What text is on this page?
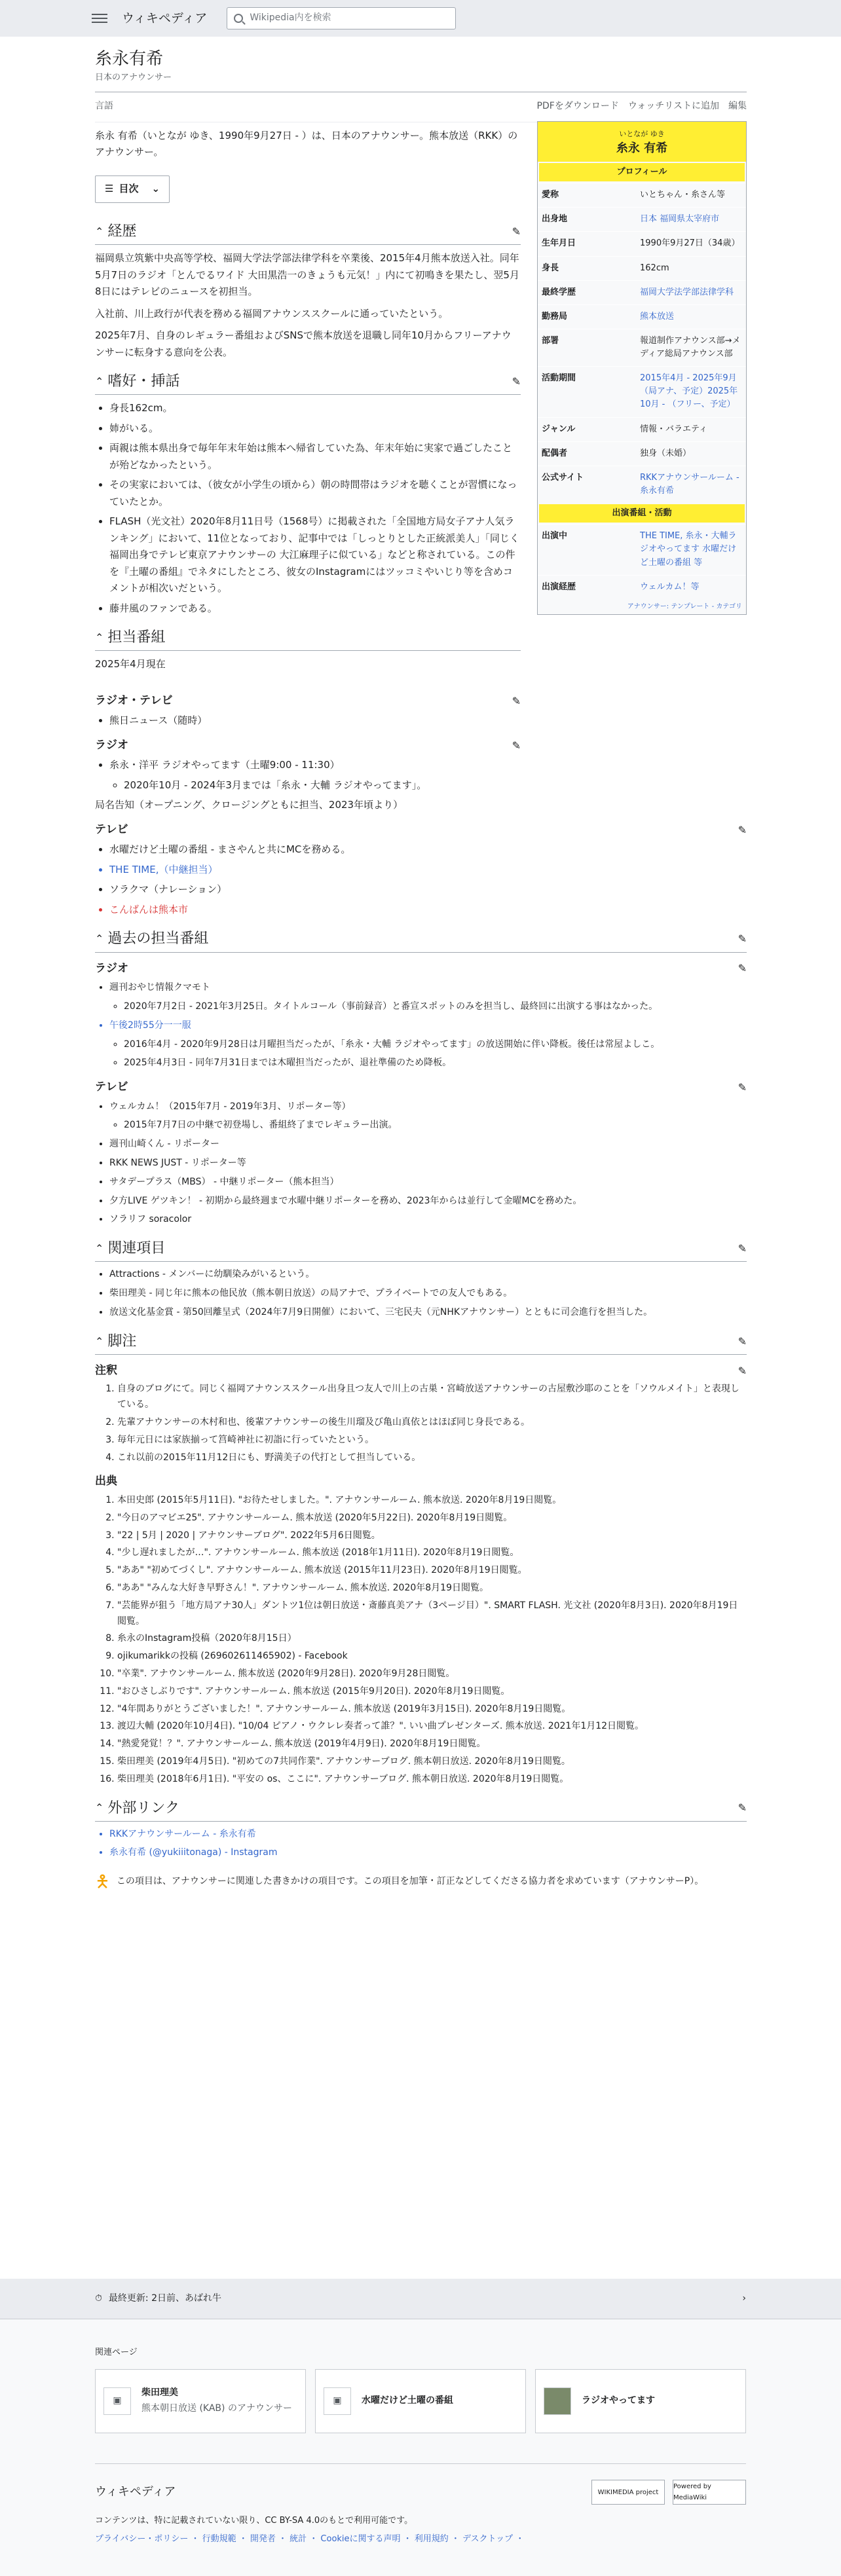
ウィキペディア	Wikipedia内を検索
糸永有希
日本のアナウンサー
言語	PDFをダウンロード ウォッチリストに追加 編集

糸永 有希（いとなが ゆき、1990年9月27日 - ）は、日本のアナウンサー。熊本放送（RKK）のアナウンサー。

☰ 目次 ⌄
⌃ 経歴	✎

福岡県立筑紫中央高等学校、福岡大学法学部法律学科を卒業後、2015年4月熊本放送入社。同年5月7日のラジオ「とんでるワイド 大田黒浩一のきょうも元気！」内にて初鳴きを果たし、翌5月8日にはテレビのニュースを初担当。

入社前、川上政行が代表を務める福岡アナウンススクールに通っていたという。

2025年7月、自身のレギュラー番組およびSNSで熊本放送を退職し同年10月からフリーアナウンサーに転身する意向を公表。

⌃ 嗜好・挿話	✎
• 身長162cm。
• 姉がいる。
• 両親は熊本県出身で毎年年末年始は熊本へ帰省していた為、年末年始に実家で過ごしたことが殆どなかったという。
• その実家においては、（彼女が小学生の頃から）朝の時間帯はラジオを聴くことが習慣になっていたとか。
• FLASH（光文社）2020年8月11日号（1568号）に掲載された「全国地方局女子アナ人気ランキング」において、11位となっており、記事中では「しっとりとした正統派美人」「同じく福岡出身でテレビ東京アナウンサーの 大江麻理子に似ている」などと称されている。この件を『土曜の番組』でネタにしたところ、彼女のInstagramにはツッコミやいじり等を含めコメントが相次いだという。
• 藤井風のファンである。
⌃ 担当番組

2025年4月現在

ラジオ・テレビ	✎
• 熊日ニュース（随時）
ラジオ	✎
• 糸永・洋平 ラジオやってます（土曜9:00 - 11:30）
◦ 2020年10月 - 2024年3月までは「糸永・大輔 ラジオやってます」。
局名告知（オープニング、クロージングともに担当、2023年頃より）
テレビ	✎
• 水曜だけど土曜の番組 - まさやんと共にMCを務める。
• THE TIME,（中継担当）
• ソラクマ（ナレーション）
• こんばんは熊本市
⌃ 過去の担当番組	✎
ラジオ	✎
• 週刊おやじ情報クマモト
◦ 2020年7月2日 - 2021年3月25日。タイトルコール（事前録音）と番宣スポットのみを担当し、最終回に出演する事はなかった。
• 午後2時55分一一服
◦ 2016年4月 - 2020年9月28日は月曜担当だったが、「糸永・大輔 ラジオやってます」の放送開始に伴い降板。後任は常屋よしこ。
◦ 2025年4月3日 - 同年7月31日までは木曜担当だったが、退社準備のため降板。
テレビ	✎
• ウェルカム！（2015年7月 - 2019年3月、リポーター等）
◦ 2015年7月7日の中継で初登場し、番組終了までレギュラー出演。
• 週刊山崎くん - リポーター
• RKK NEWS JUST - リポーター等
• サタデープラス（MBS） - 中継リポーター（熊本担当）
• 夕方LIVE ゲツキン！ - 初期から最終週まで水曜中継リポーターを務め、2023年からは並行して金曜MCを務めた。
• ソラリフ soracolor
⌃ 関連項目	✎
• Attractions - メンバーに幼馴染みがいるという。
• 柴田理美 - 同じ年に熊本の他民放（熊本朝日放送）の局アナで、プライベートでの友人でもある。
• 放送文化基金賞 - 第50回離呈式（2024年7月9日開催）において、三宅民夫（元NHKアナウンサー）とともに司会進行を担当した。
⌃ 脚注	✎
注釈	✎
1. 自身のブログにて。同じく福岡アナウンススクール出身且つ友人で川上の古巣・宮崎放送アナウンサーの古屋敷沙耶のことを「ソウルメイト」と表現している。
2. 先輩アナウンサーの木村和也、後輩アナウンサーの後生川瑠及び亀山真依とはほぼ同じ身長である。
3. 毎年元日には家族揃って筥崎神社に初詣に行っていたという。
4. これ以前の2015年11月12日にも、野満美子の代打として担当している。
出典
1. 本田史郎 (2015年5月11日). "お待たせしました。". アナウンサールーム. 熊本放送. 2020年8月19日閲覧。
2. "今日のアマビエ25". アナウンサールーム. 熊本放送 (2020年5月22日). 2020年8月19日閲覧。
3. "22 | 5月 | 2020 | アナウンサーブログ". 2022年5月6日閲覧。
4. "少し遅れましたが…". アナウンサールーム. 熊本放送 (2018年1月11日). 2020年8月19日閲覧。
5. "ああ" "初めてづくし". アナウンサールーム. 熊本放送 (2015年11月23日). 2020年8月19日閲覧。
6. "ああ" "みんな大好き早野さん！". アナウンサールーム. 熊本放送. 2020年8月19日閲覧。
7. "芸能界が狙う「地方局アナ30人」ダントツ1位は朝日放送・斎藤真美アナ（3ページ目）". SMART FLASH. 光文社 (2020年8月3日). 2020年8月19日閲覧。
8. 糸永のInstagram投稿（2020年8月15日）
9. ojikumarikkの投稿 (269602611465902) - Facebook
10. "卒業". アナウンサールーム. 熊本放送 (2020年9月28日). 2020年9月28日閲覧。
11. "おひさしぶりです". アナウンサールーム. 熊本放送 (2015年9月20日). 2020年8月19日閲覧。
12. "4年間ありがとうございました！". アナウンサールーム. 熊本放送 (2019年3月15日). 2020年8月19日閲覧。
13. 渡辺大輔 (2020年10月4日). "10/04 ピアノ・ウクレレ奏者って誰？". いい曲プレゼンターズ. 熊本放送. 2021年1月12日閲覧。
14. "熱愛発覚！？". アナウンサールーム. 熊本放送 (2019年4月9日). 2020年8月19日閲覧。
15. 柴田理美 (2019年4月5日). "初めての7共同作業". アナウンサーブログ. 熊本朝日放送. 2020年8月19日閲覧。
16. 柴田理美 (2018年6月1日). "平安の os、ここに". アナウンサーブログ. 熊本朝日放送. 2020年8月19日閲覧。
⌃ 外部リンク	✎
• RKKアナウンサールーム - 糸永有希
• 糸永有希 (@yukiiitonaga) - Instagram
🯅 この項目は、アナウンサーに関連した書きかけの項目です。この項目を加筆・訂正などしてくださる協力者を求めています（アナウンサーP）。
いとなが ゆき
糸永 有希
プロフィール
愛称	いとちゃん・糸さん等
出身地	日本 福岡県太宰府市
生年月日	1990年9月27日（34歳）
身長	162cm
最終学歴	福岡大学法学部法律学科
勤務局	熊本放送
部署	報道制作アナウンス部→メディア総局アナウンス部
活動期間	2015年4月 - 2025年9月（局アナ、予定）2025年10月 - （フリー、予定）
ジャンル	情報・バラエティ
配偶者	独身（未婚）
公式サイト	RKKアナウンサールーム - 糸永有希
出演番組・活動
出演中	THE TIME, 糸永・大輔ラジオやってます 水曜だけど土曜の番組 等
出演経歴	ウェルカム！等
アナウンサー: テンプレート - カテゴリ
⏱ 最終更新: 2日前、あばれ牛	›
関連ページ
▣
柴田理美
熊本朝日放送 (KAB) のアナウンサー
▣	水曜だけど土曜の番組	ラジオやってます
ウィキペディア	WIKIMEDIA project
Powered by MediaWiki
コンテンツは、特に記載されていない限り、CC BY-SA 4.0のもとで利用可能です。
プライバシー・ポリシー ・ 行動規範 ・ 開発者 ・ 統計 ・ Cookieに関する声明 ・ 利用規約 ・ デスクトップ ・
